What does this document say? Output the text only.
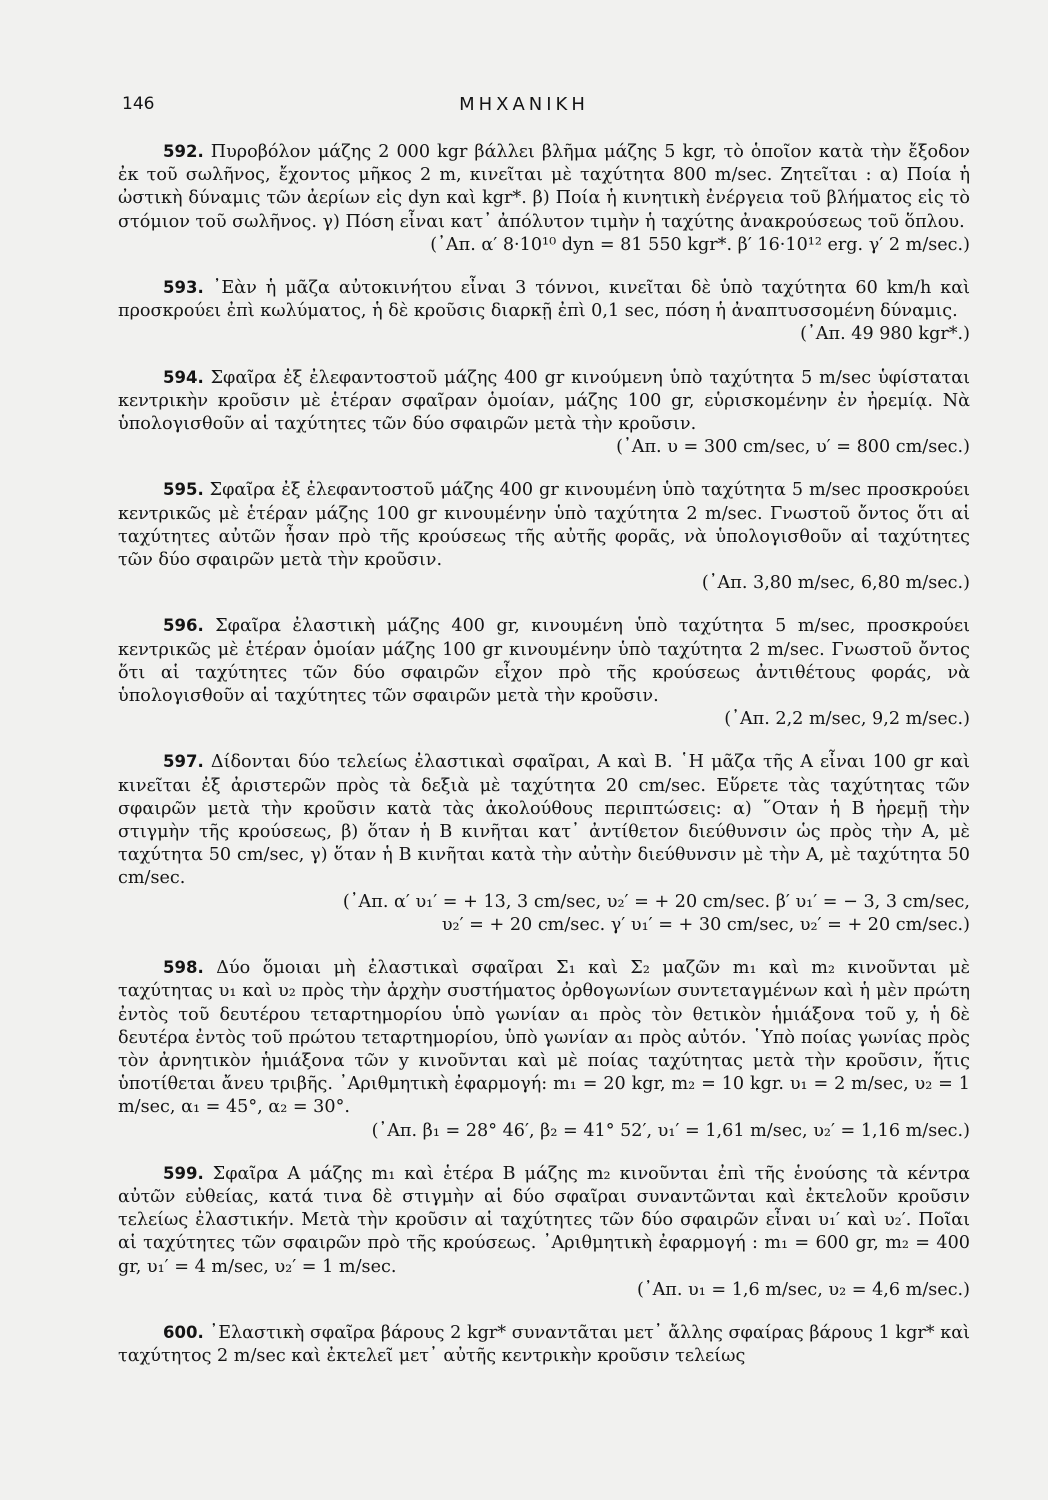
146	ΜΗΧΑΝΙΚΗ

592. Πυροβόλον μάζης 2 000 kgr βάλλει βλῆμα μάζης 5 kgr, τὸ ὁποῖον κατὰ τὴν ἔξοδον ἐκ τοῦ σωλῆνος, ἔχοντος μῆκος 2 m, κινεῖται μὲ ταχύτητα 800 m/sec. Ζητεῖται : α) Ποία ἡ ὠστικὴ δύναμις τῶν ἀερίων εἰς dyn καὶ kgr*. β) Ποία ἡ κινητικὴ ἐνέργεια τοῦ βλήματος εἰς τὸ στόμιον τοῦ σωλῆνος. γ) Πόση εἶναι κατ᾿ ἀπόλυτον τιμὴν ἡ ταχύτης ἀνακρούσεως τοῦ ὅπλου.

(᾿Απ. α′ 8·10¹⁰ dyn = 81 550 kgr*. β′ 16·10¹² erg. γ′ 2 m/sec.)

593. ᾿Εὰν ἡ μᾶζα αὐτοκινήτου εἶναι 3 τόννοι, κινεῖται δὲ ὑπὸ ταχύτητα 60 km/h καὶ προσκρούει ἐπὶ κωλύματος, ἡ δὲ κροῦσις διαρκῇ ἐπὶ 0,1 sec, πόση ἡ ἀναπτυσσομένη δύναμις.

(᾿Απ. 49 980 kgr*.)

594. Σφαῖρα ἐξ ἐλεφαντοστοῦ μάζης 400 gr κινούμενη ὑπὸ ταχύτητα 5 m/sec ὑφίσταται κεντρικὴν κροῦσιν μὲ ἑτέραν σφαῖραν ὁμοίαν, μάζης 100 gr, εὑρισκομένην ἐν ἠρεμίᾳ. Νὰ ὑπολογισθοῦν αἱ ταχύτητες τῶν δύο σφαιρῶν μετὰ τὴν κροῦσιν.

(᾿Απ. υ = 300 cm/sec, υ′ = 800 cm/sec.)

595. Σφαῖρα ἐξ ἐλεφαντοστοῦ μάζης 400 gr κινουμένη ὑπὸ ταχύτητα 5 m/sec προσκρούει κεντρικῶς μὲ ἑτέραν μάζης 100 gr κινουμένην ὑπὸ ταχύτητα 2 m/sec. Γνωστοῦ ὄντος ὅτι αἱ ταχύτητες αὐτῶν ἦσαν πρὸ τῆς κρούσεως τῆς αὐτῆς φορᾶς, νὰ ὑπολογισθοῦν αἱ ταχύτητες τῶν δύο σφαιρῶν μετὰ τὴν κροῦσιν.

(᾿Απ. 3,80 m/sec, 6,80 m/sec.)

596. Σφαῖρα ἐλαστικὴ μάζης 400 gr, κινουμένη ὑπὸ ταχύτητα 5 m/sec, προσκρούει κεντρικῶς μὲ ἑτέραν ὁμοίαν μάζης 100 gr κινουμένην ὑπὸ ταχύτητα 2 m/sec. Γνωστοῦ ὄντος ὅτι αἱ ταχύτητες τῶν δύο σφαιρῶν εἶχον πρὸ τῆς κρούσεως ἀντιθέτους φοράς, νὰ ὑπολογισθοῦν αἱ ταχύτητες τῶν σφαιρῶν μετὰ τὴν κροῦσιν.

(᾿Απ. 2,2 m/sec, 9,2 m/sec.)

597. Δίδονται δύο τελείως ἐλαστικαὶ σφαῖραι, Α καὶ Β. ῾Η μᾶζα τῆς Α εἶναι 100 gr καὶ κινεῖται ἐξ ἀριστερῶν πρὸς τὰ δεξιὰ μὲ ταχύτητα 20 cm/sec. Εὕρετε τὰς ταχύτητας τῶν σφαιρῶν μετὰ τὴν κροῦσιν κατὰ τὰς ἀκολούθους περιπτώσεις: α) ῞Οταν ἡ Β ἠρεμῇ τὴν στιγμὴν τῆς κρούσεως, β) ὅταν ἡ Β κινῆται κατ᾿ ἀντίθετον διεύθυνσιν ὡς πρὸς τὴν Α, μὲ ταχύτητα 50 cm/sec, γ) ὅταν ἡ Β κινῆται κατὰ τὴν αὐτὴν διεύθυνσιν μὲ τὴν Α, μὲ ταχύτητα 50 cm/sec.

(᾿Απ. α′ υ₁′ = + 13, 3 cm/sec, υ₂′ = + 20 cm/sec. β′ υ₁′ = − 3, 3 cm/sec,

υ₂′ = + 20 cm/sec. γ′ υ₁′ = + 30 cm/sec, υ₂′ = + 20 cm/sec.)

598. Δύο ὅμοιαι μὴ ἐλαστικαὶ σφαῖραι Σ₁ καὶ Σ₂ μαζῶν m₁ καὶ m₂ κινοῦνται μὲ ταχύτητας υ₁ καὶ υ₂ πρὸς τὴν ἀρχὴν συστήματος ὀρθογωνίων συντεταγμένων καὶ ἡ μὲν πρώτη ἐντὸς τοῦ δευτέρου τεταρτημορίου ὑπὸ γωνίαν α₁ πρὸς τὸν θετικὸν ἡμιάξονα τοῦ y, ἡ δὲ δευτέρα ἐντὸς τοῦ πρώτου τεταρτημορίου, ὑπὸ γωνίαν α₁ πρὸς αὐτόν. ῾Υπὸ ποίας γωνίας πρὸς τὸν ἀρνητικὸν ἡμιάξονα τῶν y κινοῦνται καὶ μὲ ποίας ταχύτητας μετὰ τὴν κροῦσιν, ἥτις ὑποτίθεται ἄνευ τριβῆς. ᾿Αριθμητικὴ ἐφαρμογή: m₁ = 20 kgr, m₂ = 10 kgr. υ₁ = 2 m/sec, υ₂ = 1 m/sec, α₁ = 45°, α₂ = 30°.

(᾿Απ. β₁ = 28° 46′, β₂ = 41° 52′, υ₁′ = 1,61 m/sec, υ₂′ = 1,16 m/sec.)

599. Σφαῖρα Α μάζης m₁ καὶ ἑτέρα Β μάζης m₂ κινοῦνται ἐπὶ τῆς ἑνούσης τὰ κέντρα αὐτῶν εὐθείας, κατά τινα δὲ στιγμὴν αἱ δύο σφαῖραι συναντῶνται καὶ ἐκτελοῦν κροῦσιν τελείως ἐλαστικήν. Μετὰ τὴν κροῦσιν αἱ ταχύτητες τῶν δύο σφαιρῶν εἶναι υ₁′ καὶ υ₂′. Ποῖαι αἱ ταχύτητες τῶν σφαιρῶν πρὸ τῆς κρούσεως. ᾿Αριθμητικὴ ἐφαρμογή : m₁ = 600 gr, m₂ = 400 gr, υ₁′ = 4 m/sec, υ₂′ = 1 m/sec.

(᾿Απ. υ₁ = 1,6 m/sec, υ₂ = 4,6 m/sec.)

600. ᾿Ελαστικὴ σφαῖρα βάρους 2 kgr* συναντᾶται μετ᾿ ἄλλης σφαίρας βάρους 1 kgr* καὶ ταχύτητος 2 m/sec καὶ ἐκτελεῖ μετ᾿ αὐτῆς κεντρικὴν κροῦσιν τελείως
